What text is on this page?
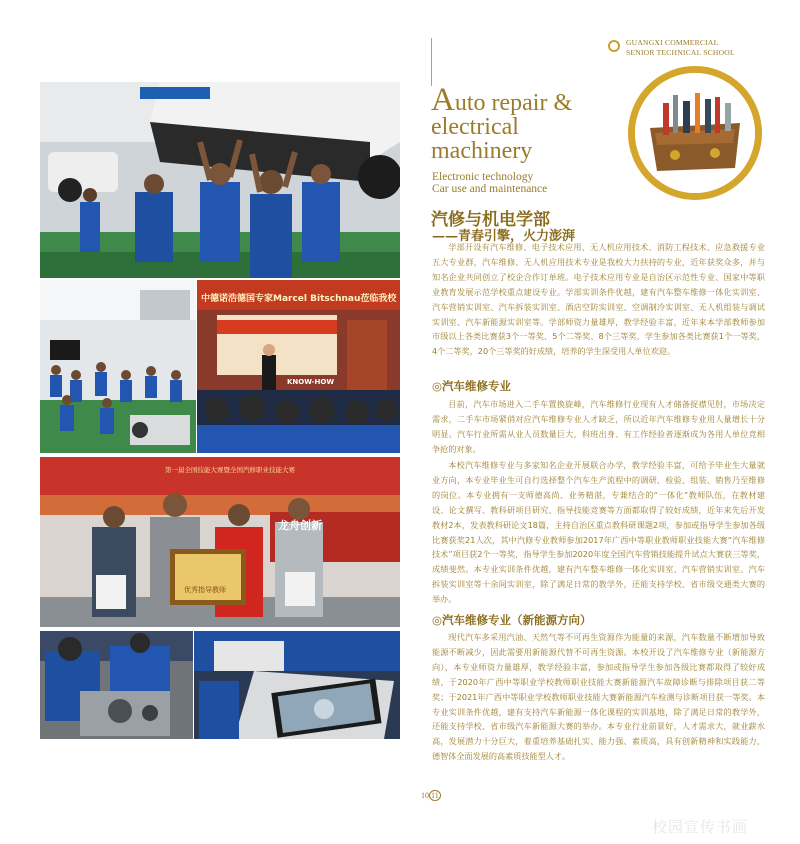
中德诺浩德国专家Marcel Bitschnau莅临我校
KNOW-HOW
第一届全国技能大赛暨全国汽修职业技能大赛
龙舟创新
优秀指导教师
GUANGXI COMMERCIAL
SENIOR TECHNICAL SCHOOL
Auto repair &
electrical
machinery
Electronic technology
Car use and maintenance
汽修与机电学部
——青春引擎，火力澎湃

学部开设有汽车维修、电子技术应用、无人机应用技术、消防工程技术、应急救援专业五大专业群，汽车维修、无人机应用技术专业是我校大力扶持的专业，近年获奖众多，并与知名企业共同创立了校企合作订单班。电子技术应用专业是自治区示范性专业、国家中等职业教育发展示范学校重点建设专业。学部实训条件优越，建有汽车整车维修一体化实训室、汽车营销实训室、汽车拆装实训室、酒店空防实训室、空调制冷实训室、无人机组装与调试实训室、汽车新能源实训室等。学部师资力量雄厚，教学经验丰富，近年来本学部教师参加市级以上各类比赛获3个一等奖、5个二等奖、8个三等奖，学生参加各类比赛获1个一等奖，4个二等奖，20个三等奖的好成绩，培养的学生深受用人单位欢迎。

◎汽车维修专业

目前，汽车市场进入二手车置换旋峰，汽车维修行业现有人才储备捉襟见肘，市场决定需求，二手车市场紧俏对应汽车维修专业人才缺乏，所以近年汽车维修专业用人量增长十分明显。汽车行业所需从业人员数量巨大，科班出身、有工作经验者逐渐成为各用人单位竞相争抢的对象。

本校汽车维修专业与多家知名企业开展联合办学，教学经验丰富，可给予毕业生大量就业方向，本专业毕业生可自行选择整个汽车生产流程中的调研、检验、组装、销售乃至维修的岗位。本专业拥有一支师德高尚、业务精湛，专兼结合的“一体化”教师队伍，在教材建设、论文撰写、教科研项目研究、指导技能竞赛等方面都取得了较好成绩，近年来先后开发教材2本，发表教科研论文18篇，主持自治区重点教科研课题2项，参加或指导学生参加各级比赛获奖21人次，其中汽修专业教师参加2017年广西中等职业教师职业技能大赛“汽车维修技术”项目获2个一等奖，指导学生参加2020年度全国汽车营销技能提升试点大赛获三等奖，成绩斐然。本专业实训条件优越，建有汽车整车维修一体化实训室、汽车营销实训室、汽车拆装实训室等十余间实训室，除了满足日常的教学外，还能支持学校、省市级交通类大赛的举办。

◎汽车维修专业（新能源方向）

现代汽车多采用汽油、天然气等不可再生资源作为能量的来源，汽车数量不断增加导致能源不断减少，因此需要用新能源代替不可再生资源。本校开设了汽车维修专业（新能源方向），本专业师资力量雄厚，教学经验丰富，参加或指导学生参加各级比赛都取得了较好成绩，于2020年广西中等职业学校教师职业技能大赛新能源汽车故障诊断与排除项目获二等奖；于2021年广西中等职业学校教师职业技能大赛新能源汽车检测与诊断项目获一等奖。本专业实训条件优越，建有支持汽车新能源一体化课程的实训基地，除了满足日常的教学外，还能支持学校、省市级汽车新能源大赛的举办。本专业行业前景好，人才需求大，就业薪水高，发展潜力十分巨大，着重培养基础扎实、能力强、素质高，具有创新精神和实践能力，德智体全面发展的高素质技能型人才。

10 11
校园宣传书画
